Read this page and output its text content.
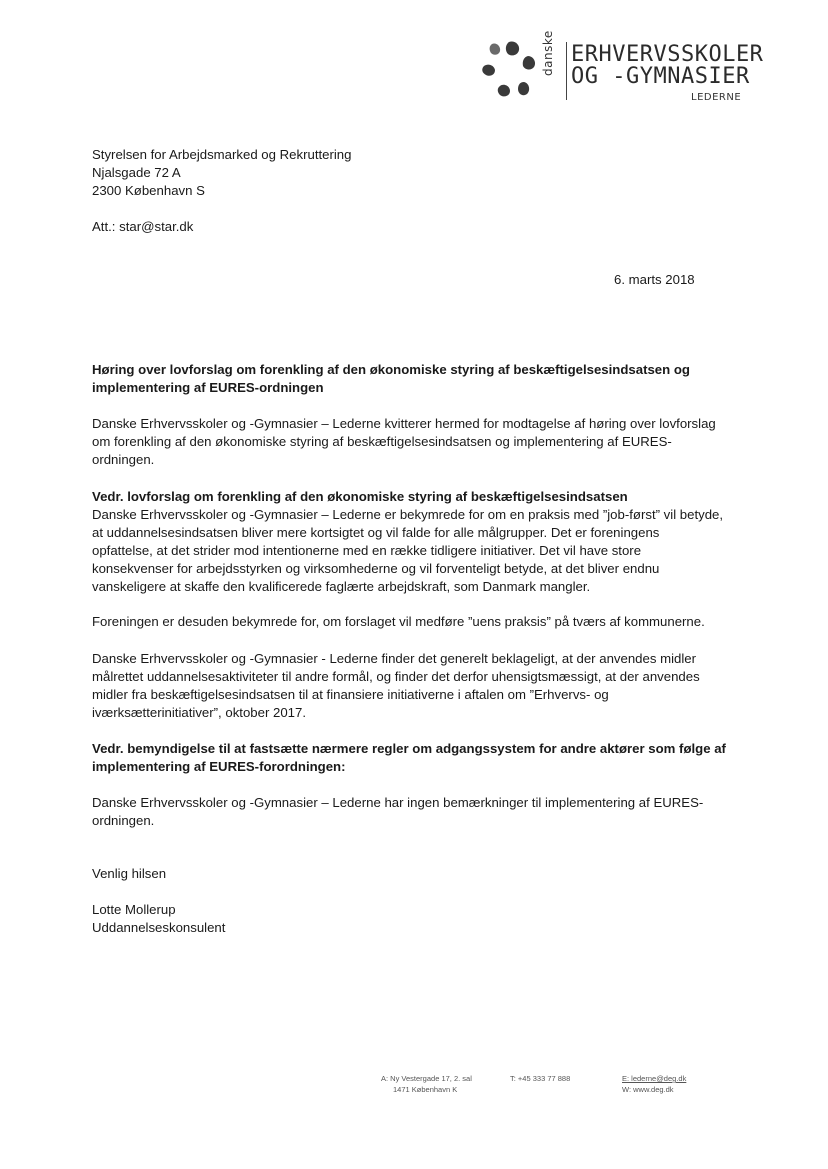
danske ERHVERVSSKOLER
OG -GYMNASIER
LEDERNE
Styrelsen for Arbejdsmarked og Rekruttering
Njalsgade 72 A
2300 København S
Att.: star@star.dk
6. marts 2018
Høring over lovforslag om forenkling af den økonomiske styring af beskæftigelsesindsatsen og
implementering af EURES-ordningen
Danske Erhvervsskoler og -Gymnasier – Lederne kvitterer hermed for modtagelse af høring over lovforslag
om forenkling af den økonomiske styring af beskæftigelsesindsatsen og implementering af EURES-
ordningen.
Vedr. lovforslag om forenkling af den økonomiske styring af beskæftigelsesindsatsen
Danske Erhvervsskoler og -Gymnasier – Lederne er bekymrede for om en praksis med ”job-først” vil betyde,
at uddannelsesindsatsen bliver mere kortsigtet og vil falde for alle målgrupper. Det er foreningens
opfattelse, at det strider mod intentionerne med en række tidligere initiativer. Det vil have store
konsekvenser for arbejdsstyrken og virksomhederne og vil forventeligt betyde, at det bliver endnu
vanskeligere at skaffe den kvalificerede faglærte arbejdskraft, som Danmark mangler.
Foreningen er desuden bekymrede for, om forslaget vil medføre ”uens praksis” på tværs af kommunerne.
Danske Erhvervsskoler og -Gymnasier - Lederne finder det generelt beklageligt, at der anvendes midler
målrettet uddannelsesaktiviteter til andre formål, og finder det derfor uhensigtsmæssigt, at der anvendes
midler fra beskæftigelsesindsatsen til at finansiere initiativerne i aftalen om ”Erhvervs- og
iværksætterinitiativer”, oktober 2017.
Vedr. bemyndigelse til at fastsætte nærmere regler om adgangssystem for andre aktører som følge af
implementering af EURES-forordningen:
Danske Erhvervsskoler og -Gymnasier – Lederne har ingen bemærkninger til implementering af EURES-
ordningen.
Venlig hilsen
Lotte Mollerup
Uddannelseskonsulent
A: Ny Vestergade 17, 2. sal
1471 København K
T: +45 333 77 888	E: lederne@deg.dk
W: www.deg.dk
